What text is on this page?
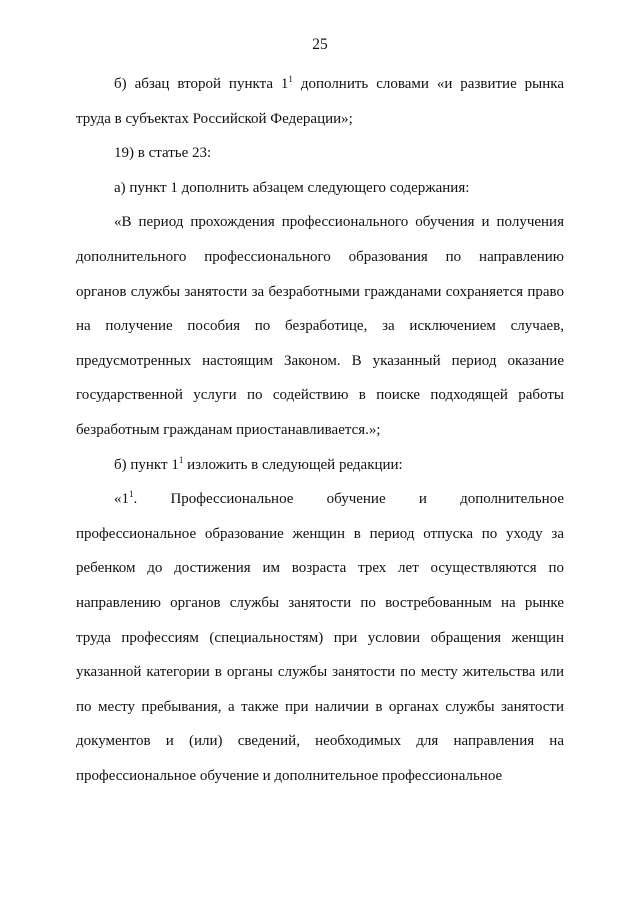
25
б) абзац второй пункта $1^1$ дополнить словами «и развитие рынка
труда в субъектах Российской Федерации»;
19) в статье 23:
а) пункт 1 дополнить абзацем следующего содержания:
«В период прохождения профессионального обучения и получения
дополнительного профессионального образования по направлению
органов службы занятости за безработными гражданами сохраняется право
на получение пособия по безработице, за исключением случаев,
предусмотренных настоящим Законом. В указанный период оказание
государственной услуги по содействию в поиске подходящей работы
безработным гражданам приостанавливается.»;
б) пункт $1^1$ изложить в следующей редакции:
«$1^1$. Профессиональное обучение и дополнительное
профессиональное образование женщин в период отпуска по уходу за
ребенком до достижения им возраста трех лет осуществляются по
направлению органов службы занятости по востребованным на рынке
труда профессиям (специальностям) при условии обращения женщин
указанной категории в органы службы занятости по месту жительства или
по месту пребывания, а также при наличии в органах службы занятости
документов и (или) сведений, необходимых для направления на
профессиональное обучение и дополнительное профессиональное
